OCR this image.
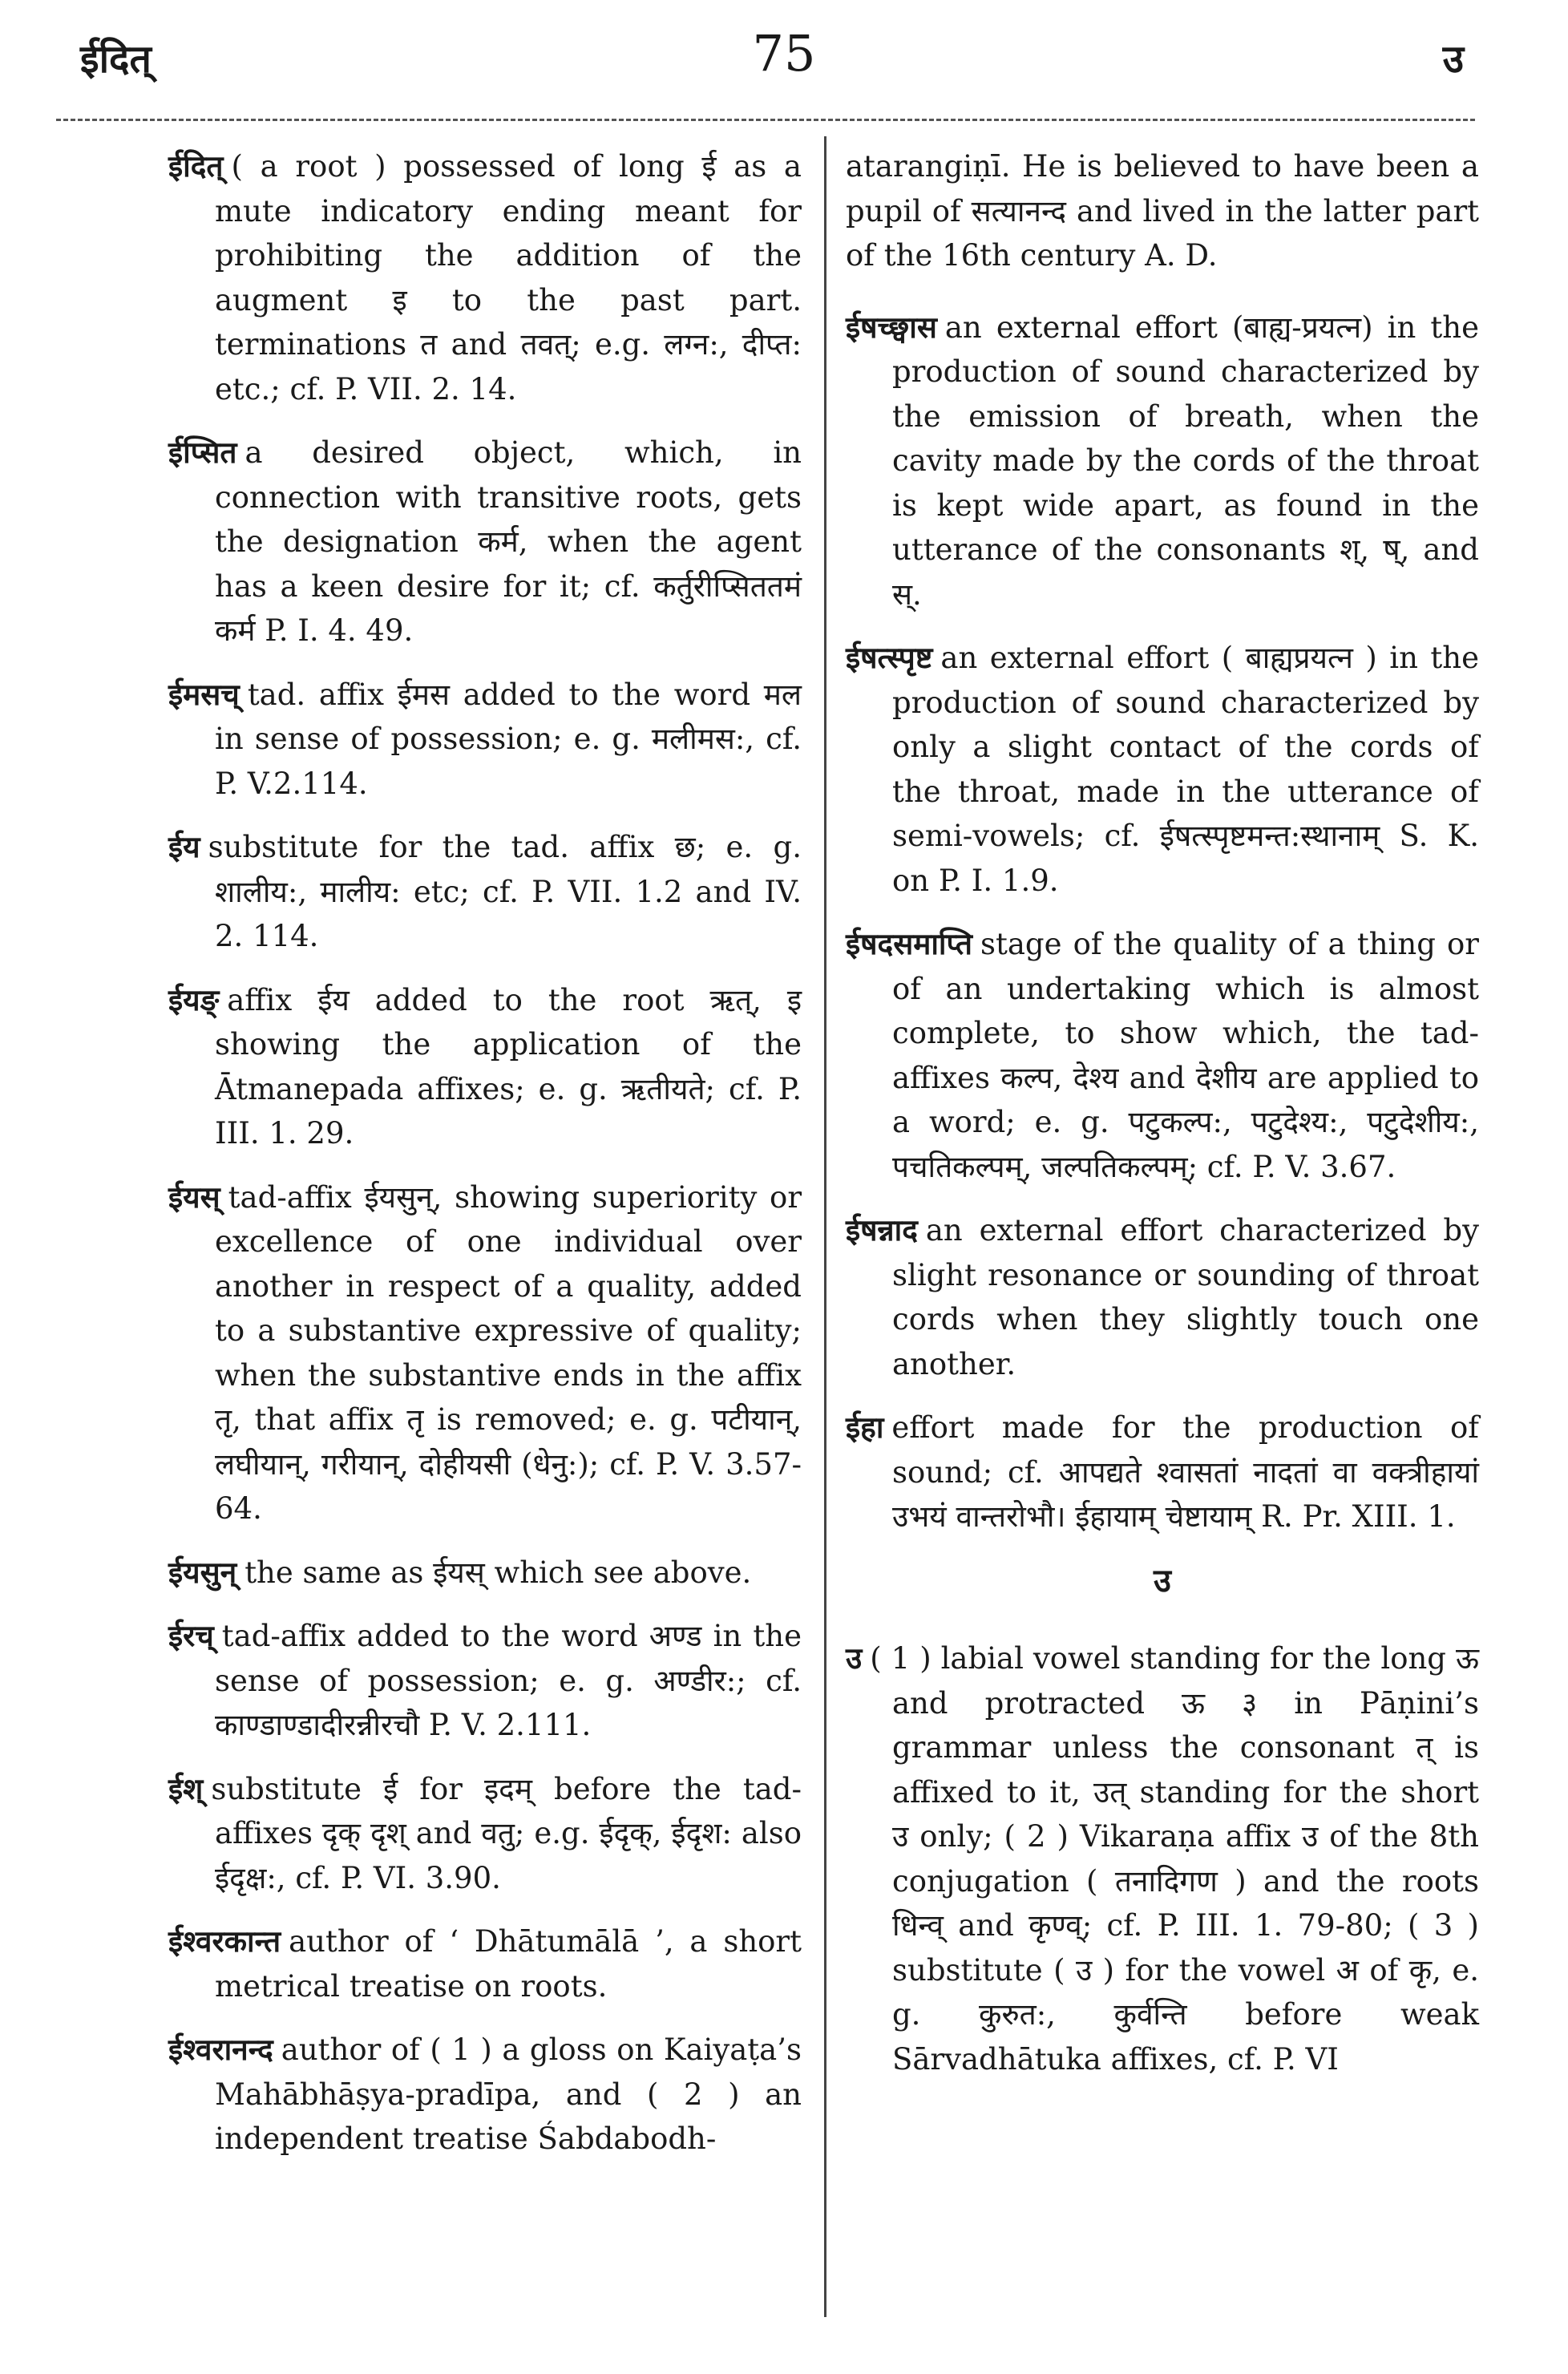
ईदित्	75	उ

ईदित् ( a root ) possessed of long ई as a mute indicatory ending meant for prohibiting the addition of the augment इ to the past part. terminations त and तवत्; e.g. लग्न:, दीप्त: etc.; cf. P. VII. 2. 14.

ईप्सित a desired object, which, in connection with transitive roots, gets the designation कर्म, when the agent has a keen desire for it; cf. कर्तुरीप्सिततमं कर्म P. I. 4. 49.

ईमसच् tad. affix ईमस added to the word मल in sense of possession; e. g. मलीमस:, cf. P. V.2.114.

ईय substitute for the tad. affix छ; e. g. शालीय:, मालीय: etc; cf. P. VII. 1.2 and IV. 2. 114.

ईयङ् affix ईय added to the root ऋत्, इ showing the application of the Ātmanepada affixes; e. g. ऋतीयते; cf. P. III. 1. 29.

ईयस् tad-affix ईयसुन्, showing superiority or excellence of one individual over another in respect of a quality, added to a substantive expressive of quality; when the substantive ends in the affix तृ, that affix तृ is removed; e. g. पटीयान्, लघीयान्, गरीयान्, दोहीयसी (धेनु:); cf. P. V. 3.57-64.

ईयसुन् the same as ईयस् which see above.

ईरच् tad-affix added to the word अण्ड in the sense of possession; e. g. अण्डीर:; cf. काण्डाण्डादीरन्नीरचौ P. V. 2.111.

ईश् substitute ई for इदम् before the tad-affixes दृक् दृश् and वतु; e.g. ईदृक्, ईदृश: also ईदृक्ष:, cf. P. VI. 3.90.

ईश्वरकान्त author of ‘ Dhātumālā ’, a short metrical treatise on roots.

ईश्वरानन्द author of ( 1 ) a gloss on Kaiyaṭa’s Mahābhāṣya-pradīpa, and ( 2 ) an independent treatise Śabdabodh-

atarangiṇī. He is believed to have been a pupil of सत्यानन्द and lived in the latter part of the 16th century A. D.

ईषच्छ्वास an external effort (बाह्य-प्रयत्न) in the production of sound characterized by the emission of breath, when the cavity made by the cords of the throat is kept wide apart, as found in the utterance of the consonants श्, ष्, and स्.

ईषत्स्पृष्ट an external effort ( बाह्यप्रयत्न ) in the production of sound characterized by only a slight contact of the cords of the throat, made in the utterance of semi-vowels; cf. ईषत्स्पृष्टमन्त:स्थानाम् S. K. on P. I. 1.9.

ईषदसमाप्ति stage of the quality of a thing or of an undertaking which is almost complete, to show which, the tad-affixes कल्प, देश्य and देशीय are applied to a word; e. g. पटुकल्प:, पटुदेश्य:, पटुदेशीय:, पचतिकल्पम्, जल्पतिकल्पम्; cf. P. V. 3.67.

ईषन्नाद an external effort characterized by slight resonance or sounding of throat cords when they slightly touch one another.

ईहा effort made for the production of sound; cf. आपद्यते श्वासतां नादतां वा वक्त्रीहायां उभयं वान्तरोभौ। ईहायाम् चेष्टायाम् R. Pr. XIII. 1.

उ

उ ( 1 ) labial vowel standing for the long ऊ and protracted ऊ ३ in Pāṇini’s grammar unless the consonant त् is affixed to it, उत् standing for the short उ only; ( 2 ) Vikaraṇa affix उ of the 8th conjugation ( तनादिगण ) and the roots धिन्व् and कृण्व्; cf. P. III. 1. 79-80; ( 3 ) substitute ( उ ) for the vowel अ of कृ, e. g. कुरुत:, कुर्वन्ति before weak Sārvadhātuka affixes, cf. P. VI
